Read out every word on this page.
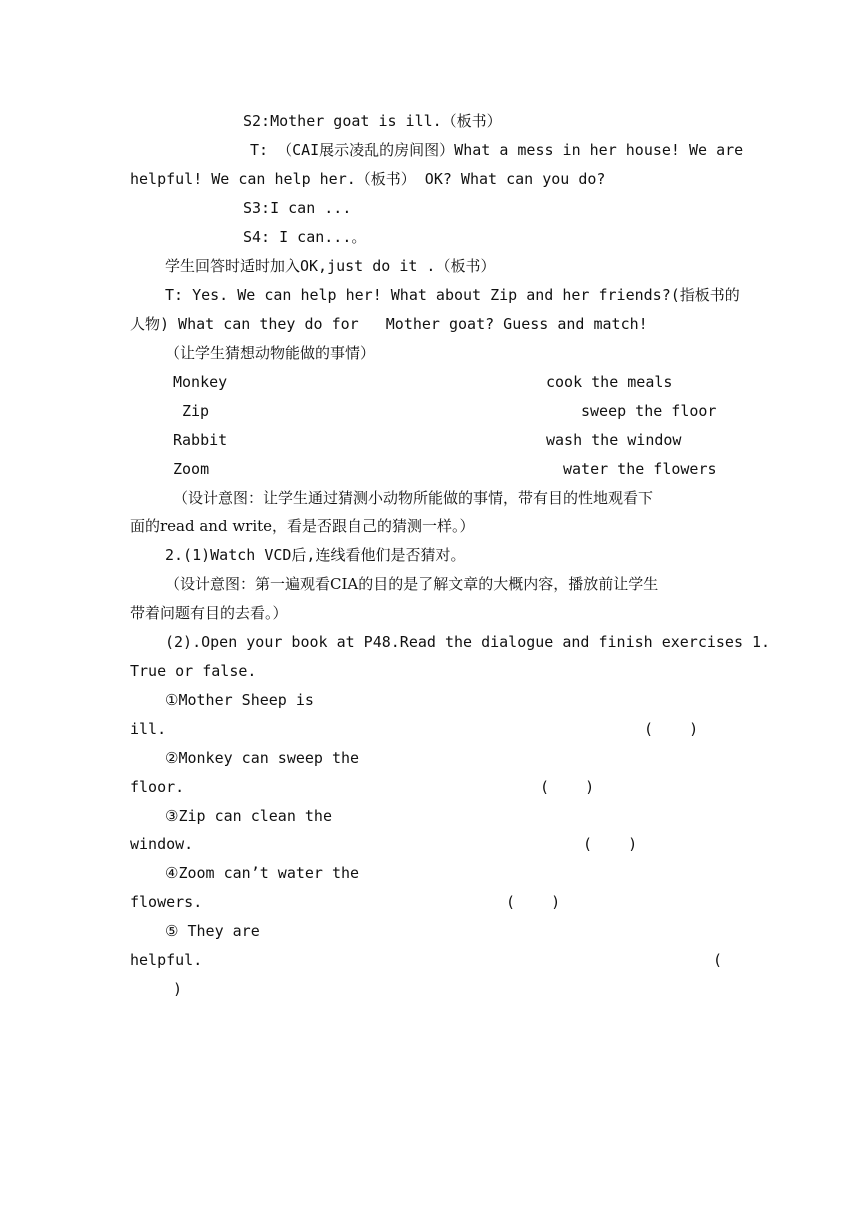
S2:Mother goat is ill.（板书）
T: （CAI展示凌乱的房间图）What a mess in her house! We are
helpful! We can help her.（板书） OK? What can you do?
S3:I can ...
S4: I can...。
学生回答时适时加入OK,just do it .（板书）
T: Yes. We can help her! What about Zip and her friends?(指板书的
人物) What can they do for   Mother goat? Guess and match!
（让学生猜想动物能做的事情）
Monkey	cook the meals
Zip	sweep the floor
Rabbit	wash the window
Zoom	water the flowers
（设计意图：让学生通过猜测小动物所能做的事情，带有目的性地观看下
面的read and write，看是否跟自己的猜测一样。）
2.(1)Watch VCD后,连线看他们是否猜对。
（设计意图：第一遍观看CIA的目的是了解文章的大概内容，播放前让学生
带着问题有目的去看。）
(2).Open your book at P48.Read the dialogue and finish exercises 1.
True or false.
①Mother Sheep is
ill.	(    )
②Monkey can sweep the
floor.	(    )
③Zip can clean the
window.	(    )
④Zoom can’t water the
flowers.	(    )
⑤ They are
helpful.	(
)
